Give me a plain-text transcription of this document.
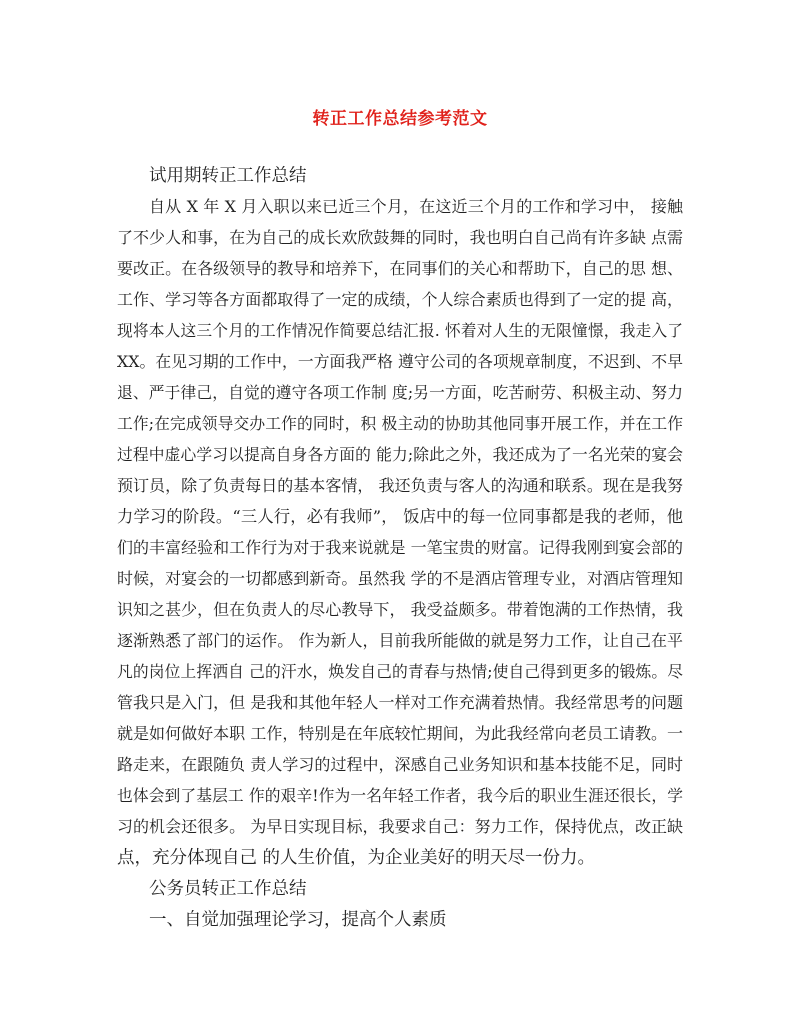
转正工作总结参考范文
试用期转正工作总结
自从 X 年 X 月入职以来已近三个月，在这近三个月的工作和学习中， 接触
了不少人和事，在为自己的成长欢欣鼓舞的同时，我也明白自己尚有许多缺 点需
要改正。在各级领导的教导和培养下，在同事们的关心和帮助下，自己的思 想、
工作、学习等各方面都取得了一定的成绩，个人综合素质也得到了一定的提 高，
现将本人这三个月的工作情况作简要总结汇报. 怀着对人生的无限憧憬，我走入了
XX。在见习期的工作中，一方面我严格 遵守公司的各项规章制度，不迟到、不早
退、严于律己，自觉的遵守各项工作制 度;另一方面，吃苦耐劳、积极主动、努力
工作;在完成领导交办工作的同时，积 极主动的协助其他同事开展工作，并在工作
过程中虚心学习以提高自身各方面的 能力;除此之外，我还成为了一名光荣的宴会
预订员，除了负责每日的基本客情， 我还负责与客人的沟通和联系。现在是我努
力学习的阶段。“三人行，必有我师”， 饭店中的每一位同事都是我的老师，他
们的丰富经验和工作行为对于我来说就是 一笔宝贵的财富。记得我刚到宴会部的
时候，对宴会的一切都感到新奇。虽然我 学的不是酒店管理专业，对酒店管理知
识知之甚少，但在负责人的尽心教导下， 我受益颇多。带着饱满的工作热情，我
逐渐熟悉了部门的运作。 作为新人，目前我所能做的就是努力工作，让自己在平
凡的岗位上挥洒自 己的汗水，焕发自己的青春与热情;使自己得到更多的锻炼。尽
管我只是入门，但 是我和其他年轻人一样对工作充满着热情。我经常思考的问题
就是如何做好本职 工作，特别是在年底较忙期间，为此我经常向老员工请教。一
路走来，在跟随负 责人学习的过程中，深感自己业务知识和基本技能不足，同时
也体会到了基层工 作的艰辛!作为一名年轻工作者，我今后的职业生涯还很长，学
习的机会还很多。 为早日实现目标，我要求自己：努力工作，保持优点，改正缺
点，充分体现自己 的人生价值，为企业美好的明天尽一份力。
公务员转正工作总结
一、自觉加强理论学习，提高个人素质
